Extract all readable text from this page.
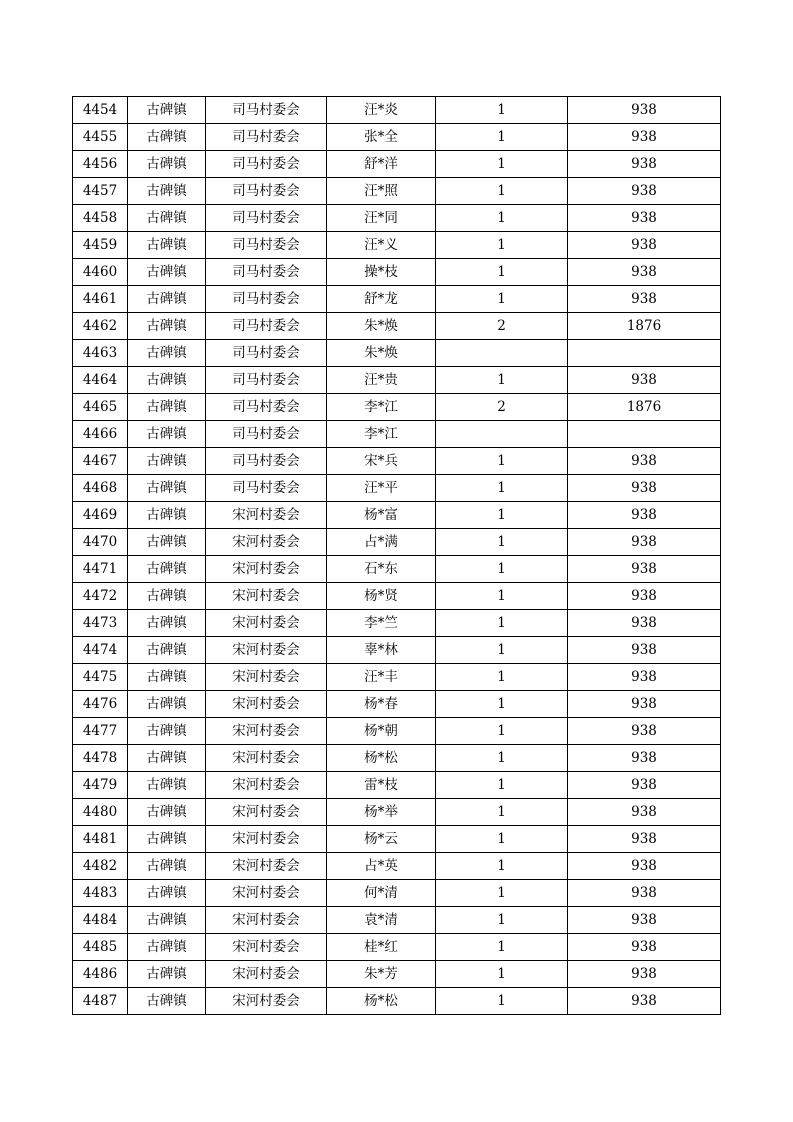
4454	古碑镇	司马村委会	汪*炎	1	938
4455	古碑镇	司马村委会	张*全	1	938
4456	古碑镇	司马村委会	舒*洋	1	938
4457	古碑镇	司马村委会	汪*照	1	938
4458	古碑镇	司马村委会	汪*同	1	938
4459	古碑镇	司马村委会	汪*义	1	938
4460	古碑镇	司马村委会	操*枝	1	938
4461	古碑镇	司马村委会	舒*龙	1	938
4462	古碑镇	司马村委会	朱*焕	2	1876
4463	古碑镇	司马村委会	朱*焕		
4464	古碑镇	司马村委会	汪*贵	1	938
4465	古碑镇	司马村委会	李*江	2	1876
4466	古碑镇	司马村委会	李*江		
4467	古碑镇	司马村委会	宋*兵	1	938
4468	古碑镇	司马村委会	汪*平	1	938
4469	古碑镇	宋河村委会	杨*富	1	938
4470	古碑镇	宋河村委会	占*满	1	938
4471	古碑镇	宋河村委会	石*东	1	938
4472	古碑镇	宋河村委会	杨*贤	1	938
4473	古碑镇	宋河村委会	李*竺	1	938
4474	古碑镇	宋河村委会	辜*林	1	938
4475	古碑镇	宋河村委会	汪*丰	1	938
4476	古碑镇	宋河村委会	杨*春	1	938
4477	古碑镇	宋河村委会	杨*朝	1	938
4478	古碑镇	宋河村委会	杨*松	1	938
4479	古碑镇	宋河村委会	雷*枝	1	938
4480	古碑镇	宋河村委会	杨*举	1	938
4481	古碑镇	宋河村委会	杨*云	1	938
4482	古碑镇	宋河村委会	占*英	1	938
4483	古碑镇	宋河村委会	何*清	1	938
4484	古碑镇	宋河村委会	袁*清	1	938
4485	古碑镇	宋河村委会	桂*红	1	938
4486	古碑镇	宋河村委会	朱*芳	1	938
4487	古碑镇	宋河村委会	杨*松	1	938
